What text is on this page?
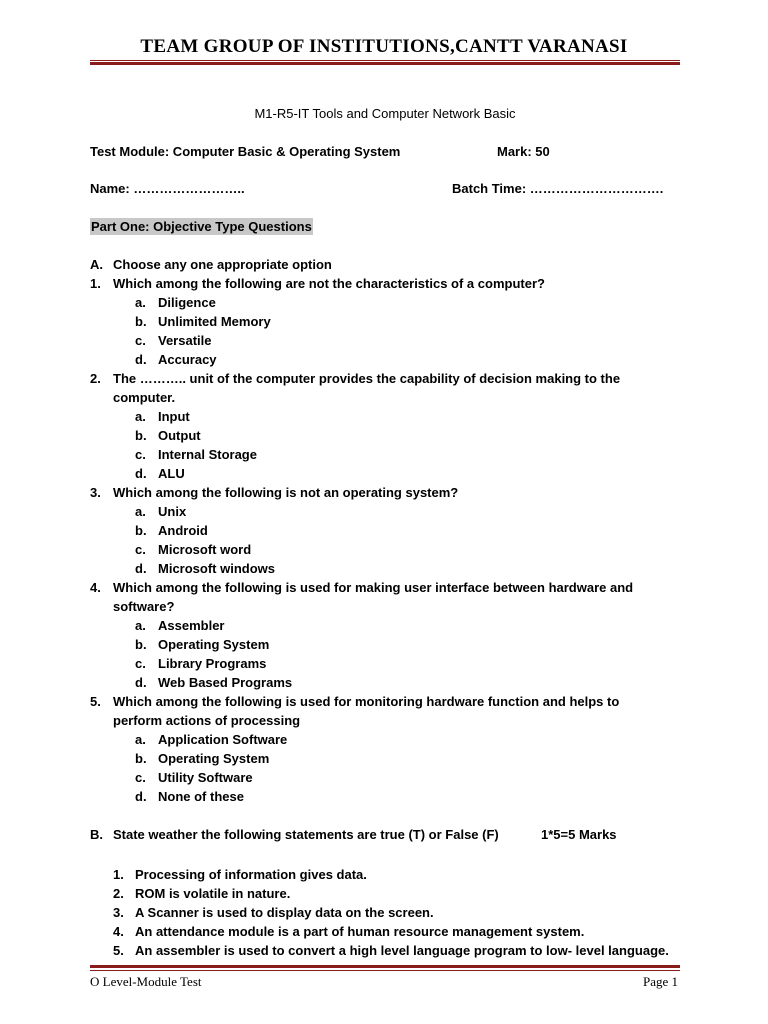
TEAM GROUP OF INSTITUTIONS,CANTT VARANASI
M1-R5-IT Tools and Computer Network Basic
Test Module: Computer Basic & Operating System	Mark: 50
Name: ……………………..	Batch Time: ………………………….
Part One: Objective Type Questions
A. Choose any one appropriate option
1. Which among the following are not the characteristics of a computer?
a. Diligence
b. Unlimited Memory
c. Versatile
d. Accuracy
2. The ……….. unit of the computer provides the capability of decision making to the
computer.
a. Input
b. Output
c. Internal Storage
d. ALU
3. Which among the following is not an operating system?
a. Unix
b. Android
c. Microsoft word
d. Microsoft windows
4. Which among the following is used for making user interface between hardware and
software?
a. Assembler
b. Operating System
c. Library Programs
d. Web Based Programs
5. Which among the following is used for monitoring hardware function and helps to
perform actions of processing
a. Application Software
b. Operating System
c. Utility Software
d. None of these
B. State weather the following statements are true (T) or False (F)	1*5=5 Marks
1. Processing of information gives data.
2. ROM is volatile in nature.
3. A Scanner is used to display data on the screen.
4. An attendance module is a part of human resource management system.
5. An assembler is used to convert a high level language program to low- level language.
O Level-Module Test	Page 1
